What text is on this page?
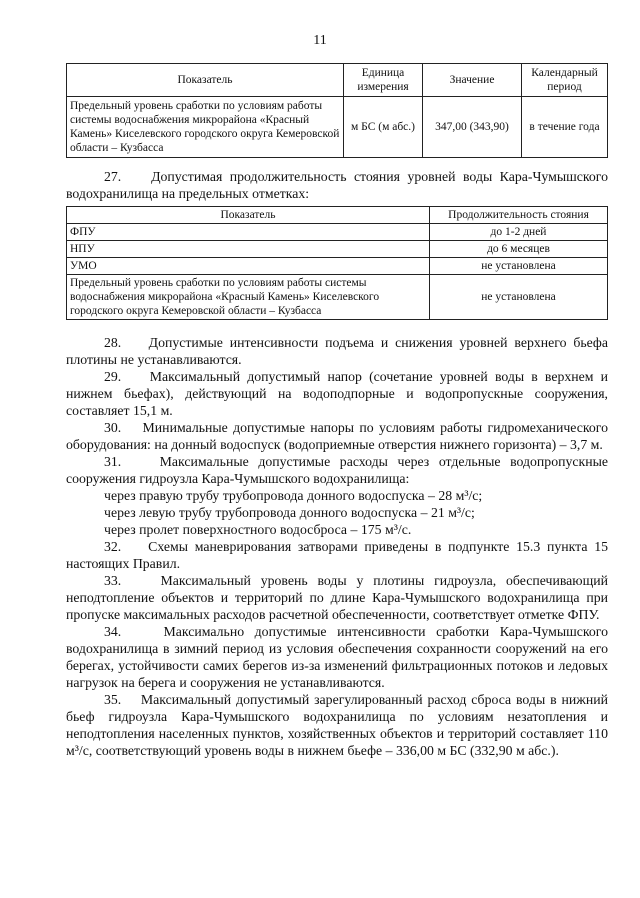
11
Показатель	Единица измерения	Значение	Календарный период
Предельный уровень сработки по условиям работы системы водоснабжения микрорайона «Красный Камень» Киселевского городского округа Кемеровской области – Кузбасса	м БС (м абс.)	347,00 (343,90)	в течение года

27.    Допустимая продолжительность стояния уровней воды Кара-Чумышского водохранилища на предельных отметках:

Показатель	Продолжительность стояния
ФПУ	до 1-2 дней
НПУ	до 6 месяцев
УМО	не установлена
Предельный уровень сработки по условиям работы системы водоснабжения микрорайона «Красный Камень» Киселевского городского округа Кемеровской области – Кузбасса	не установлена

28.    Допустимые интенсивности подъема и снижения уровней верхнего бьефа плотины не устанавливаются.

29.    Максимальный допустимый напор (сочетание уровней воды в верхнем и нижнем бьефах), действующий на водоподпорные и водопропускные сооружения, составляет 15,1 м.

30.    Минимальные допустимые напоры по условиям работы гидромеханического оборудования: на донный водоспуск (водоприемные отверстия нижнего горизонта) – 3,7 м.

31.    Максимальные допустимые расходы через отдельные водопропускные сооружения гидроузла Кара-Чумышского водохранилища:

через правую трубу трубопровода донного водоспуска – 28 м³/с;

через левую трубу трубопровода донного водоспуска – 21 м³/с;

через пролет поверхностного водосброса – 175 м³/с.

32.    Схемы маневрирования затворами приведены в подпункте 15.3 пункта 15 настоящих Правил.

33.    Максимальный уровень воды у плотины гидроузла, обеспечивающий неподтопление объектов и территорий по длине Кара-Чумышского водохранилища при пропуске максимальных расходов расчетной обеспеченности, соответствует отметке ФПУ.

34.    Максимально допустимые интенсивности сработки Кара-Чумышского водохранилища в зимний период из условия обеспечения сохранности сооружений на его берегах, устойчивости самих берегов из-за изменений фильтрационных потоков и ледовых нагрузок на берега и сооружения не устанавливаются.

35.    Максимальный допустимый зарегулированный расход сброса воды в нижний бьеф гидроузла Кара-Чумышского водохранилища по условиям незатопления и неподтопления населенных пунктов, хозяйственных объектов и территорий составляет 110 м³/с, соответствующий уровень воды в нижнем бьефе – 336,00 м БС (332,90 м абс.).
